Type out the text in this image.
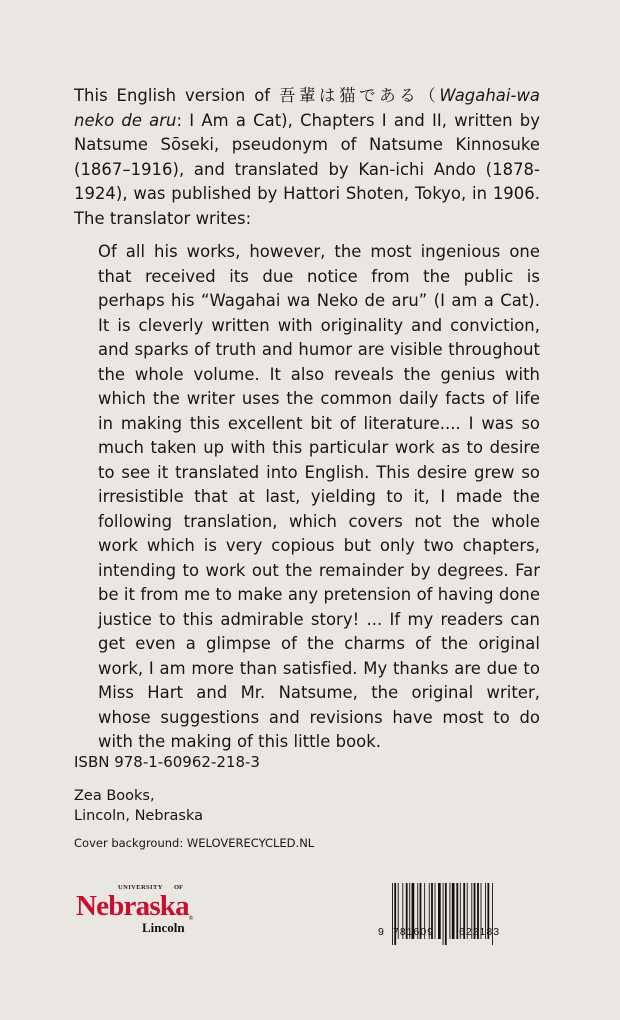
This English version of 吾輩は猫である（Wagahai-wa neko de aru: I Am a Cat), Chapters I and II, written by Natsume Sōseki, pseudonym of Natsume Kinnosuke (1867–1916), and translated by Kan-ichi Ando (1878-1924), was published by Hattori Shoten, Tokyo, in 1906. The translator writes:

Of all his works, however, the most ingenious one that received its due notice from the public is perhaps his “Wagahai wa Neko de aru” (I am a Cat). It is cleverly written with originality and conviction, and sparks of truth and humor are visible throughout the whole volume. It also reveals the genius with which the writer uses the common daily facts of life in making this excellent bit of literature.... I was so much taken up with this particular work as to desire to see it translated into English. This desire grew so irresistible that at last, yielding to it, I made the following translation, which covers not the whole work which is very copious but only two chapters, intending to work out the remainder by degrees. Far be it from me to make any pretension of having done justice to this admirable story! ... If my readers can get even a glimpse of the charms of the original work, I am more than satisfied. My thanks are due to Miss Hart and Mr. Natsume, the original writer, whose suggestions and revisions have most to do with the making of this little book.

ISBN 978-1-60962-218-3
Zea Books,
Lincoln, Nebraska
Cover background: WELOVERECYCLED.NL
UNIVERSITY OF
Nebraska ®
Lincoln	9 781609 622183
